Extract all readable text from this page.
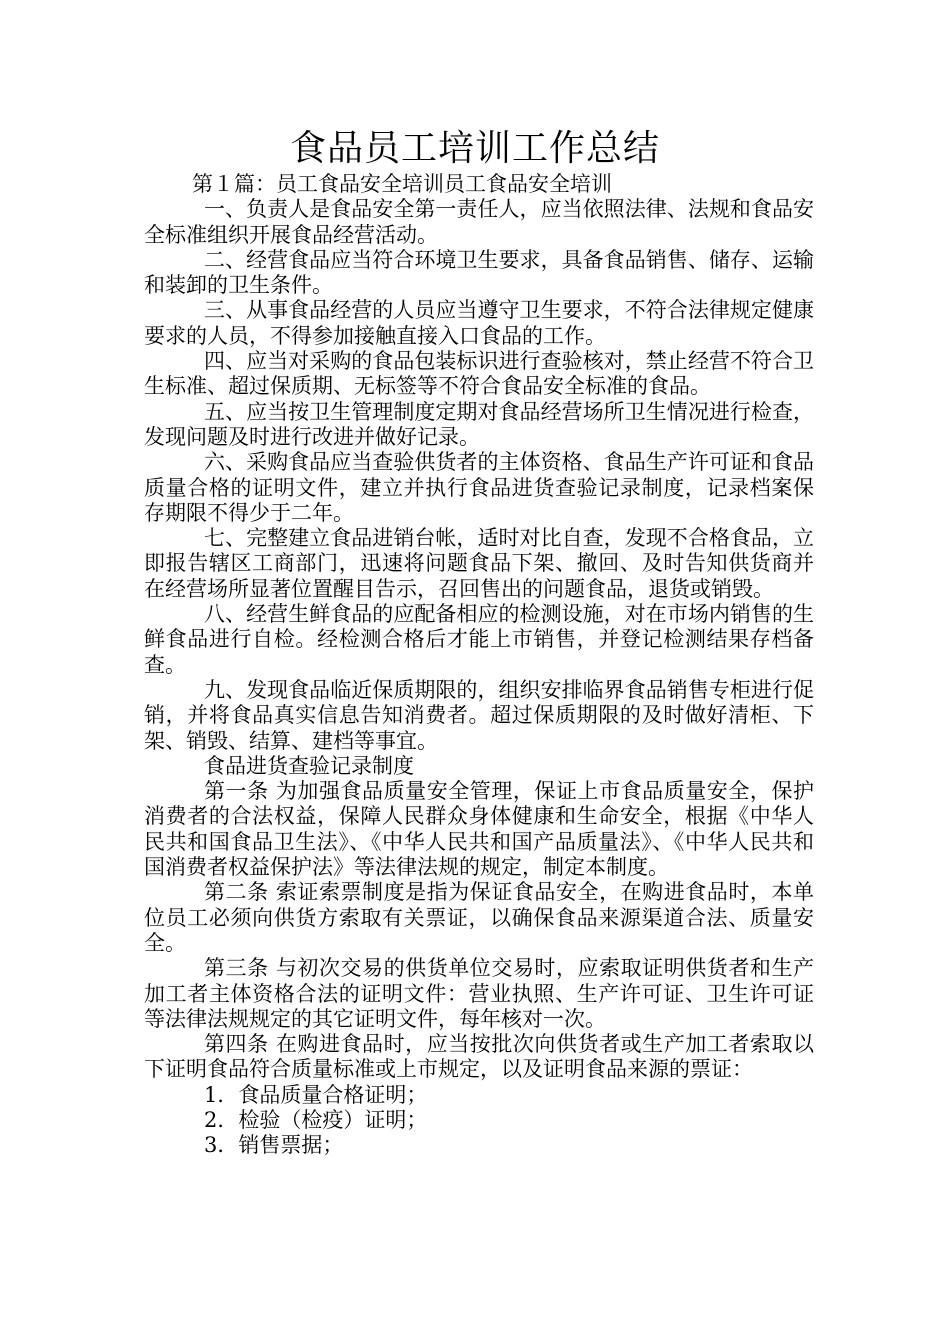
食品员工培训工作总结

第１篇：员工食品安全培训员工食品安全培训

一、负责人是食品安全第一责任人，应当依照法律、法规和食品安全标准组织开展食品经营活动。

二、经营食品应当符合环境卫生要求，具备食品销售、储存、运输和装卸的卫生条件。

三、从事食品经营的人员应当遵守卫生要求，不符合法律规定健康要求的人员，不得参加接触直接入口食品的工作。

四、应当对采购的食品包装标识进行查验核对，禁止经营不符合卫生标准、超过保质期、无标签等不符合食品安全标准的食品。

五、应当按卫生管理制度定期对食品经营场所卫生情况进行检查，发现问题及时进行改进并做好记录。

六、采购食品应当查验供货者的主体资格、食品生产许可证和食品质量合格的证明文件，建立并执行食品进货查验记录制度，记录档案保存期限不得少于二年。

七、完整建立食品进销台帐，适时对比自查，发现不合格食品，立即报告辖区工商部门，迅速将问题食品下架、撤回、及时告知供货商并在经营场所显著位置醒目告示，召回售出的问题食品，退货或销毁。

八、经营生鲜食品的应配备相应的检测设施，对在市场内销售的生鲜食品进行自检。经检测合格后才能上市销售，并登记检测结果存档备查。

九、发现食品临近保质期限的，组织安排临界食品销售专柜进行促销，并将食品真实信息告知消费者。超过保质期限的及时做好清柜、下架、销毁、结算、建档等事宜。

食品进货查验记录制度

第一条 为加强食品质量安全管理，保证上市食品质量安全，保护消费者的合法权益，保障人民群众身体健康和生命安全，根据《中华人民共和国食品卫生法》、《中华人民共和国产品质量法》、《中华人民共和国消费者权益保护法》等法律法规的规定，制定本制度。

第二条 索证索票制度是指为保证食品安全，在购进食品时，本单位员工必须向供货方索取有关票证，以确保食品来源渠道合法、质量安全。

第三条 与初次交易的供货单位交易时，应索取证明供货者和生产加工者主体资格合法的证明文件：营业执照、生产许可证、卫生许可证等法律法规规定的其它证明文件，每年核对一次。

第四条 在购进食品时，应当按批次向供货者或生产加工者索取以下证明食品符合质量标准或上市规定，以及证明食品来源的票证：

1．食品质量合格证明；

2．检验（检疫）证明；

3．销售票据；
